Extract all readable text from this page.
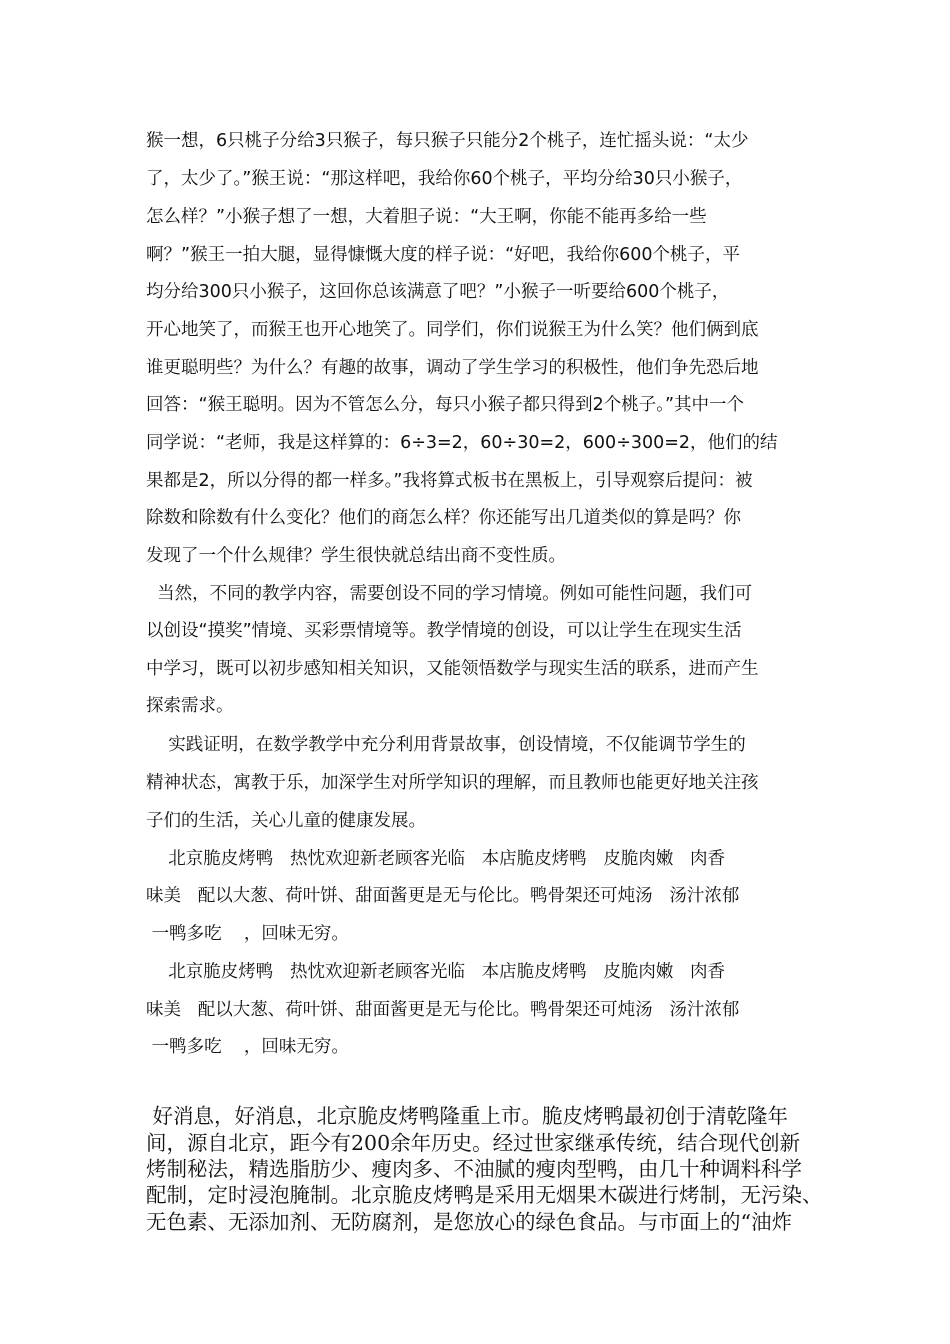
猴一想，6只桃子分给3只猴子，每只猴子只能分2个桃子，连忙摇头说：“太少
了，太少了。”猴王说：“那这样吧，我给你60个桃子，平均分给30只小猴子，
怎么样？”小猴子想了一想，大着胆子说：“大王啊，你能不能再多给一些
啊？”猴王一拍大腿，显得慷慨大度的样子说：“好吧，我给你600个桃子，平
均分给300只小猴子，这回你总该满意了吧？”小猴子一听要给600个桃子，
开心地笑了，而猴王也开心地笑了。同学们，你们说猴王为什么笑？他们俩到底
谁更聪明些？为什么？有趣的故事，调动了学生学习的积极性，他们争先恐后地
回答：“猴王聪明。因为不管怎么分，每只小猴子都只得到2个桃子。”其中一个
同学说：“老师，我是这样算的：6÷3=2，60÷30=2，600÷300=2，他们的结
果都是2，所以分得的都一样多。”我将算式板书在黑板上，引导观察后提问：被
除数和除数有什么变化？他们的商怎么样？你还能写出几道类似的算是吗？你
发现了一个什么规律？学生很快就总结出商不变性质。
当然，不同的教学内容，需要创设不同的学习情境。例如可能性问题，我们可
以创设“摸奖”情境、买彩票情境等。教学情境的创设，可以让学生在现实生活
中学习，既可以初步感知相关知识，又能领悟数学与现实生活的联系，进而产生
探索需求。
实践证明，在数学教学中充分利用背景故事，创设情境，不仅能调节学生的
精神状态，寓教于乐，加深学生对所学知识的理解，而且教师也能更好地关注孩
子们的生活，关心儿童的健康发展。
北京脆皮烤鸭   热忱欢迎新老顾客光临   本店脆皮烤鸭   皮脆肉嫩   肉香
味美   配以大葱、荷叶饼、甜面酱更是无与伦比。鸭骨架还可炖汤   汤汁浓郁
一鸭多吃    ，回味无穷。
北京脆皮烤鸭   热忱欢迎新老顾客光临   本店脆皮烤鸭   皮脆肉嫩   肉香
味美   配以大葱、荷叶饼、甜面酱更是无与伦比。鸭骨架还可炖汤   汤汁浓郁
一鸭多吃    ，回味无穷。
好消息，好消息，北京脆皮烤鸭隆重上市。脆皮烤鸭最初创于清乾隆年
间，源自北京，距今有200余年历史。经过世家继承传统，结合现代创新
烤制秘法，精选脂肪少、瘦肉多、不油腻的瘦肉型鸭，由几十种调料科学
配制，定时浸泡腌制。北京脆皮烤鸭是采用无烟果木碳进行烤制，无污染、
无色素、无添加剂、无防腐剂，是您放心的绿色食品。与市面上的“油炸
